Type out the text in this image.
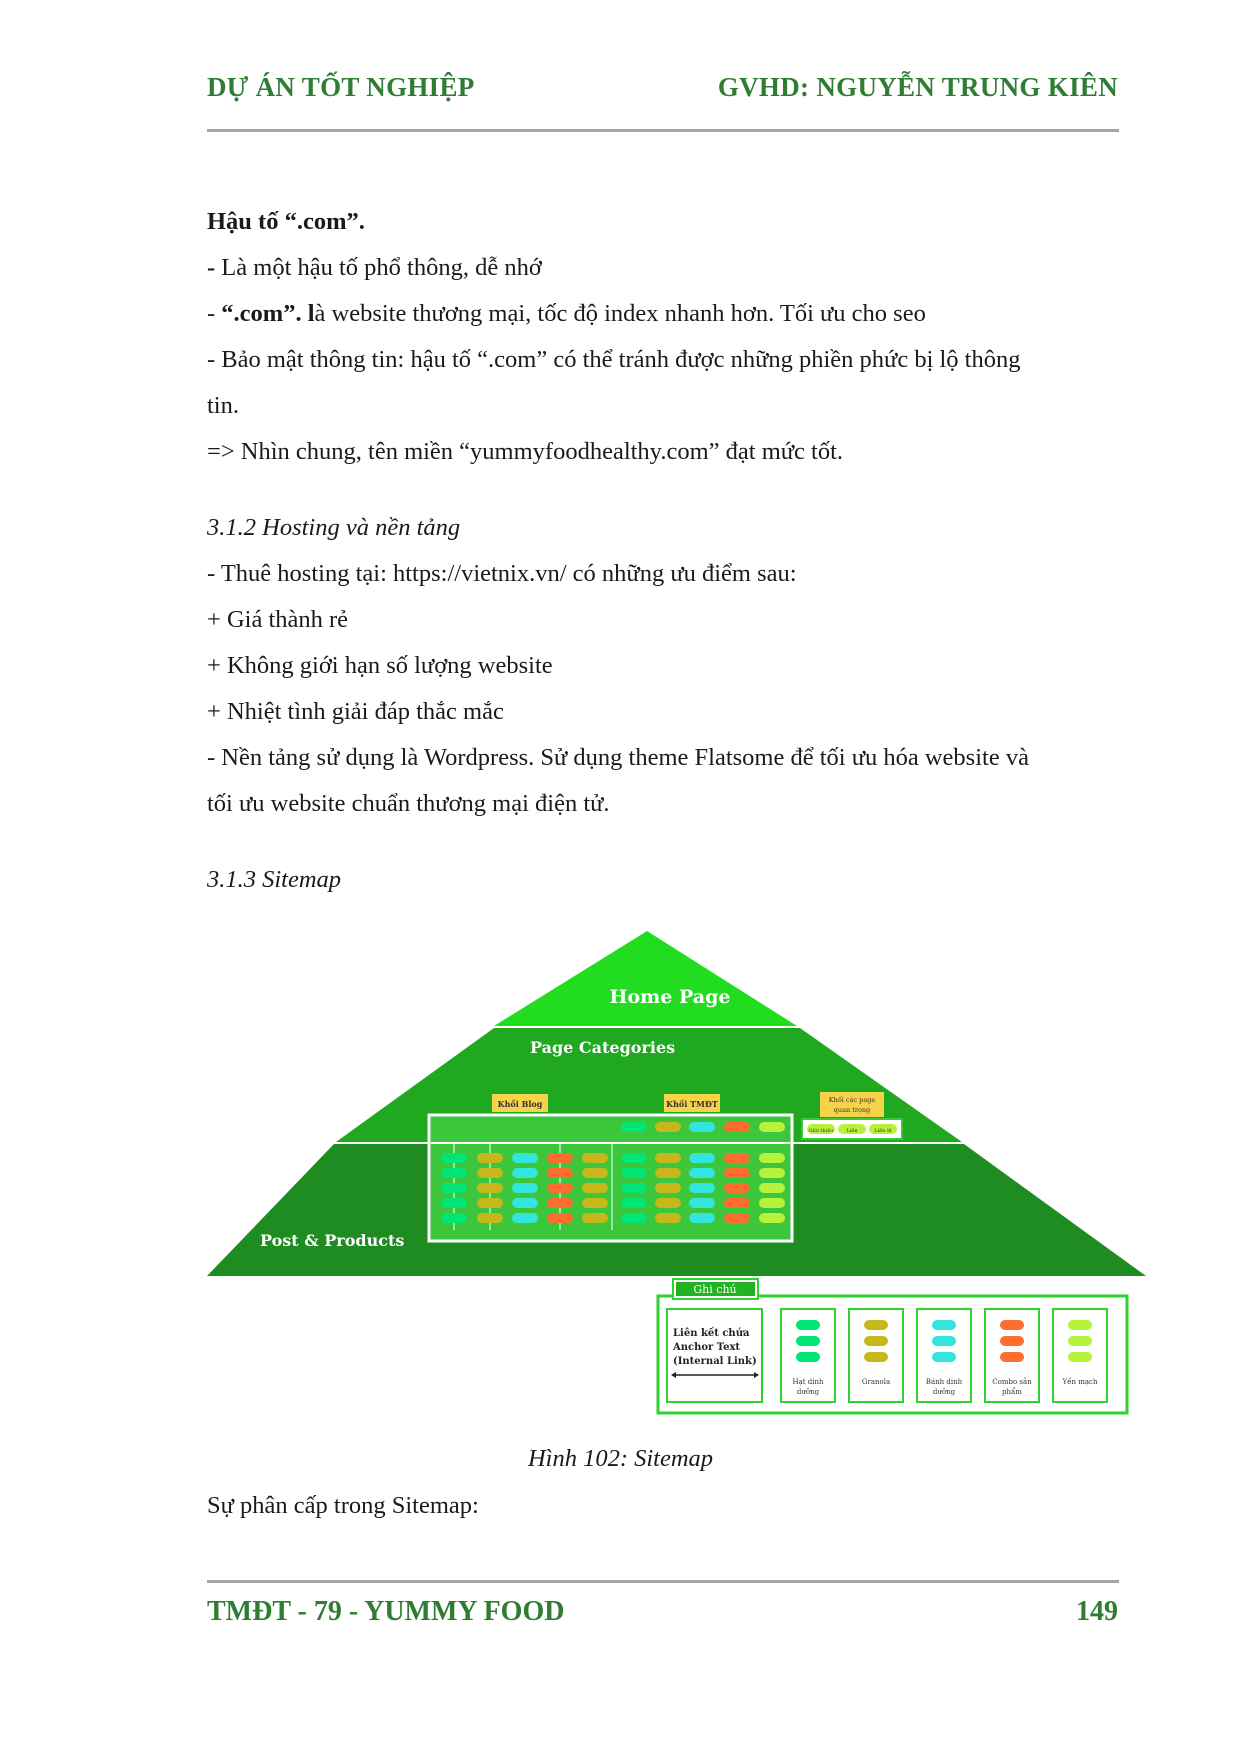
DỰ ÁN TỐT NGHIỆP	GVHD: NGUYỄN TRUNG KIÊN
Hậu tố “.com”.
- Là một hậu tố phổ thông, dễ nhớ
- “.com”. là website thương mại, tốc độ index nhanh hơn. Tối ưu cho seo
- Bảo mật thông tin: hậu tố “.com” có thể tránh được những phiền phức bị lộ thông
tin.
=> Nhìn chung, tên miền “yummyfoodhealthy.com” đạt mức tốt.
3.1.2 Hosting và nền tảng
- Thuê hosting tại: https://vietnix.vn/ có những ưu điểm sau:
+ Giá thành rẻ
+ Không giới hạn số lượng website
+ Nhiệt tình giải đáp thắc mắc
- Nền tảng sử dụng là Wordpress. Sử dụng theme Flatsome để tối ưu hóa website và
tối ưu website chuẩn thương mại điện tử.
3.1.3 Sitemap
Home Page
Page Categories
Post & Products
Khối Blog	Khối TMĐT	Khối các page
quan trọng
Giới thiệu	Liên	Liên lệ
Ghi chú
Liên kết chứa
Anchor Text
(Internal Link)
Hạt dinh
dưỡng
Granola	Bánh dinh
dưỡng
Combo sản
phẩm
Yến mạch
Hình 102: Sitemap
Sự phân cấp trong Sitemap:
TMĐT - 79 - YUMMY FOOD	149
